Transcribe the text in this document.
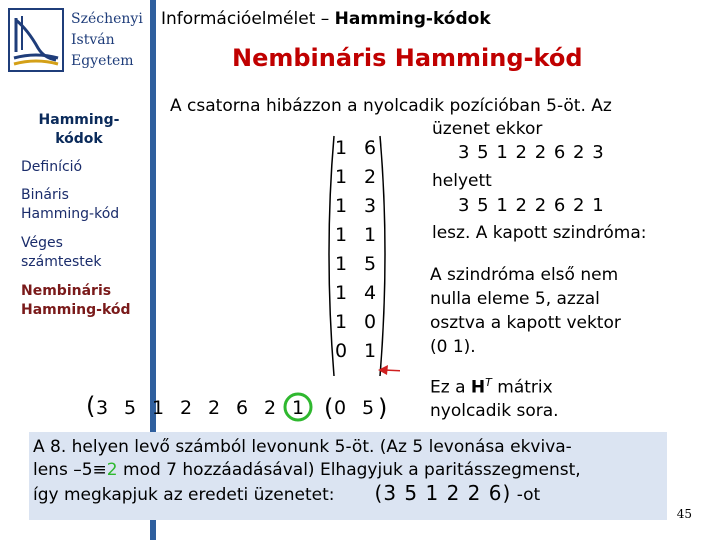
Széchenyi
István
Egyetem
Információelmélet – Hamming-kódok
Nembináris Hamming-kód
Hamming-
kódok
Definíció
Bináris
Hamming-kód
Véges
számtestek
Nembináris
Hamming-kód
A csatorna hibázzon a nyolcadik pozícióban 5-öt. Az
üzenet ekkor
3 5 1 2 2 6 2 3
helyett
3 5 1 2 2 6 2 1
lesz. A kapott szindróma:
A szindróma első nem
nulla eleme 5, azzal
osztva a kapott vektor
(0 1).
Ez a $H^T$ mátrix
nyolcadik sora.
1 6
1 2
1 3
1 1
1 5
1 4
1 0
0 1
( 3 5 1 2 2 6 2 1 0 5
( )
A 8. helyen levő számból levonunk 5-öt. (Az 5 levonása ekviva-
lens –5≡2 mod 7 hozzáadásával) Elhagyjuk a paritásszegmenst,
így megkapjuk az eredeti üzenetet: (3 5 1 2 2 6) -ot
45
